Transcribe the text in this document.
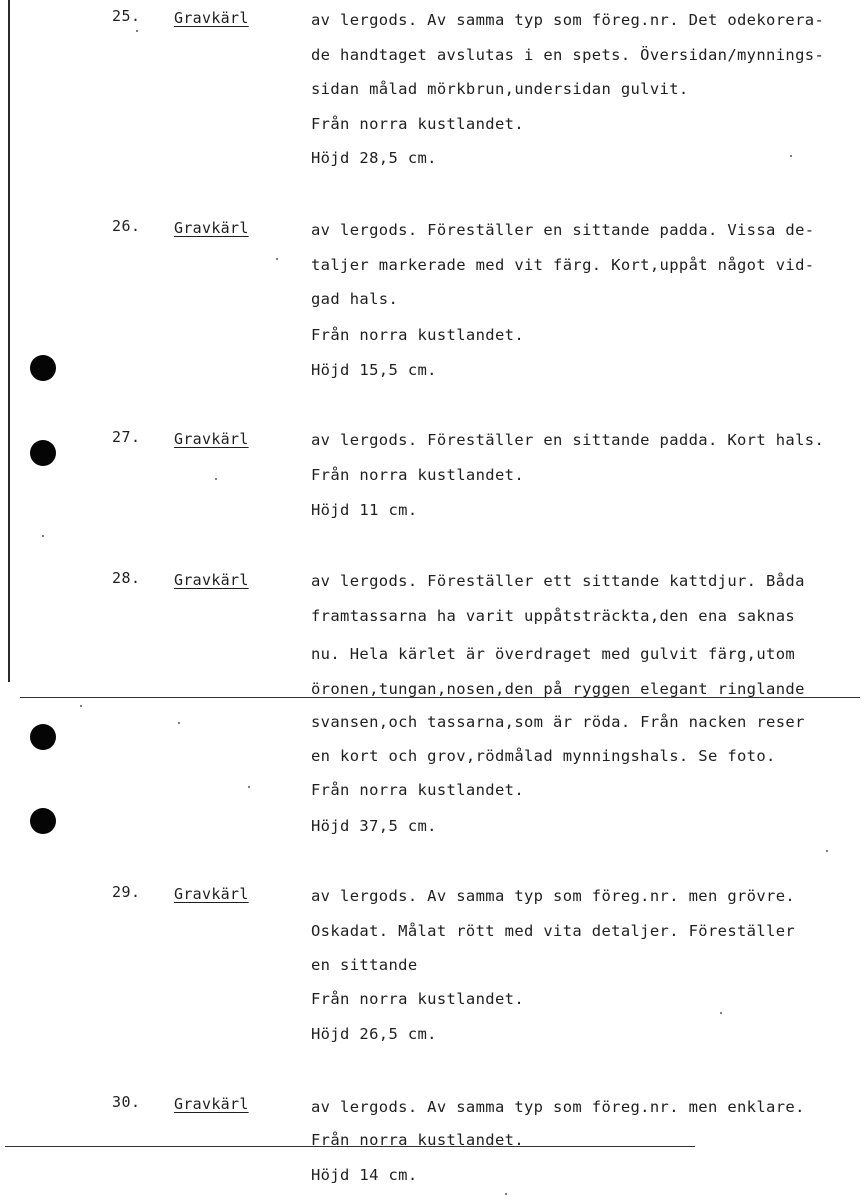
25. Gravkärl	av lergods. Av samma typ som föreg.nr. Det odekorera-
de handtaget avslutas i en spets. Översidan/mynnings-
sidan målad mörkbrun,undersidan gulvit.
Från norra kustlandet.
Höjd 28,5 cm.
26. Gravkärl	av lergods. Föreställer en sittande padda. Vissa de-
taljer markerade med vit färg. Kort,uppåt något vid-
gad hals.
Från norra kustlandet.
Höjd 15,5 cm.
27. Gravkärl	av lergods. Föreställer en sittande padda. Kort hals.
Från norra kustlandet.
Höjd 11 cm.
28. Gravkärl	av lergods. Föreställer ett sittande kattdjur. Båda
framtassarna ha varit uppåtsträckta,den ena saknas
nu. Hela kärlet är överdraget med gulvit färg,utom
öronen,tungan,nosen,den på ryggen elegant ringlande
svansen,och tassarna,som är röda. Från nacken reser
en kort och grov,rödmålad mynningshals. Se foto.
Från norra kustlandet.
Höjd 37,5 cm.
29. Gravkärl	av lergods. Av samma typ som föreg.nr. men grövre.
Oskadat. Målat rött med vita detaljer. Föreställer
en sittande
Från norra kustlandet.
Höjd 26,5 cm.
30. Gravkärl	av lergods. Av samma typ som föreg.nr. men enklare.
Från norra kustlandet.
Höjd 14 cm.
